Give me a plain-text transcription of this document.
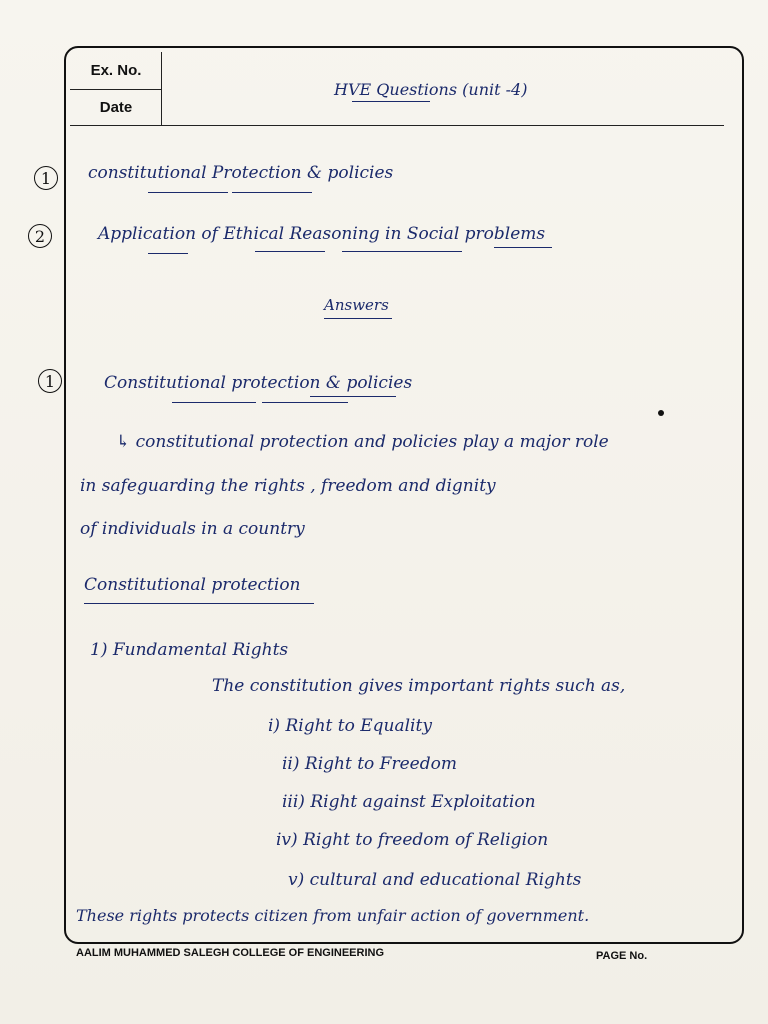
Ex. No.
Date
HVE Questions (unit -4)
1	constitutional Protection & policies
2	Application of Ethical Reasoning in Social problems
Answers
1	Constitutional protection & policies
↳ constitutional protection and policies play a major role
in safeguarding the rights , freedom and dignity
of individuals in a country
Constitutional protection
1) Fundamental Rights
The constitution gives important rights such as,
i) Right to Equality
ii) Right to Freedom
iii) Right against Exploitation
iv) Right to freedom of Religion
v) cultural and educational Rights
These rights protects citizen from unfair action of government.
AALIM MUHAMMED SALEGH COLLEGE OF ENGINEERING	PAGE No.
